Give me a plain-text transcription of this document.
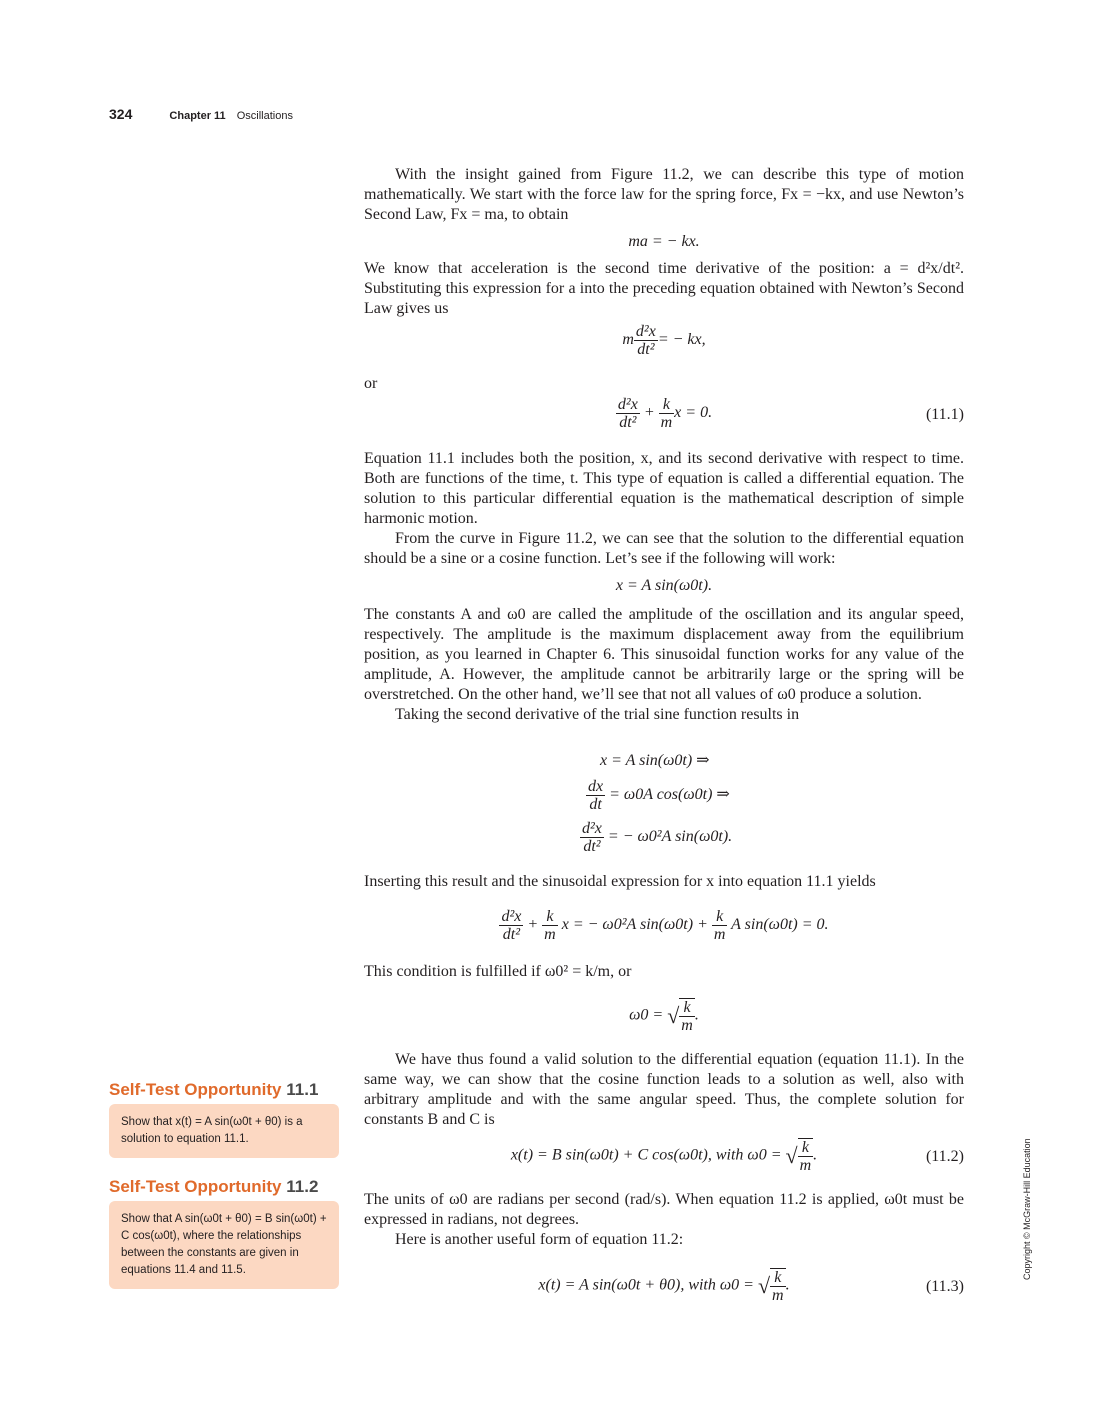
324	Chapter 11 Oscillations

With the insight gained from Figure 11.2, we can describe this type of motion mathematically. We start with the force law for the spring force, Fx = −kx, and use Newton’s Second Law, Fx = ma, to obtain

ma = − kx.

We know that acceleration is the second time derivative of the position: a = d²x/dt². Substituting this expression for a into the preceding equation obtained with Newton’s Second Law gives us

m $\frac{\text{d²x}}{\text{dt²}}$ = − kx,

or

$\frac{\text{d²x}}{\text{dt²}} + \frac{k}{m}$ x = 0.	(11.1)

Equation 11.1 includes both the position, x, and its second derivative with respect to time. Both are functions of the time, t. This type of equation is called a differential equation. The solution to this particular differential equation is the mathematical description of simple harmonic motion.

From the curve in Figure 11.2, we can see that the solution to the differential equation should be a sine or a cosine function. Let’s see if the following will work:

x = A sin(ω0t).

The constants A and ω0 are called the amplitude of the oscillation and its angular speed, respectively. The amplitude is the maximum displacement away from the equilibrium position, as you learned in Chapter 6. This sinusoidal function works for any value of the amplitude, A. However, the amplitude cannot be arbitrarily large or the spring will be overstretched. On the other hand, we’ll see that not all values of ω0 produce a solution.

Taking the second derivative of the trial sine function results in

x = A sin(ω0t) ⇒
$\frac{dx}{dt} = \omega 0A$ cos(ω0t) ⇒
$\frac{\text{d²x}}{\text{dt²}}$ = − ω0²A sin(ω0t).

Inserting this result and the sinusoidal expression for x into equation 11.1 yields

$\frac{\text{d²x}}{\text{dt²}} + \frac{k}{m}$ x = − ω0²A $\sin(\omega 0t) + \frac{k}{m}$ A sin(ω0t) = 0.

This condition is fulfilled if ω0² = k/m, or

ω0 = √ $\frac{k}{m}$ .

We have thus found a valid solution to the differential equation (equation 11.1). In the same way, we can show that the cosine function leads to a solution as well, also with arbitrary amplitude and with the same angular speed. Thus, the complete solution for constants B and C is

x(t) = B sin(ω0t) + C cos(ω0t), with ω0 = √ $\frac{k}{m}$ .	(11.2)

The units of ω0 are radians per second (rad/s). When equation 11.2 is applied, ω0t must be expressed in radians, not degrees.

Here is another useful form of equation 11.2:

x(t) = A sin(ω0t + θ0), with ω0 = √ $\frac{k}{m}$ .	(11.3)
Self-Test Opportunity 11.1
Show that x(t) = A sin(ω0t + θ0) is a solution to equation 11.1.
Self-Test Opportunity 11.2
Show that A sin(ω0t + θ0) = B sin(ω0t) + C cos(ω0t), where the relationships between the constants are given in equations 11.4 and 11.5.	Copyright © McGraw-Hill Education
